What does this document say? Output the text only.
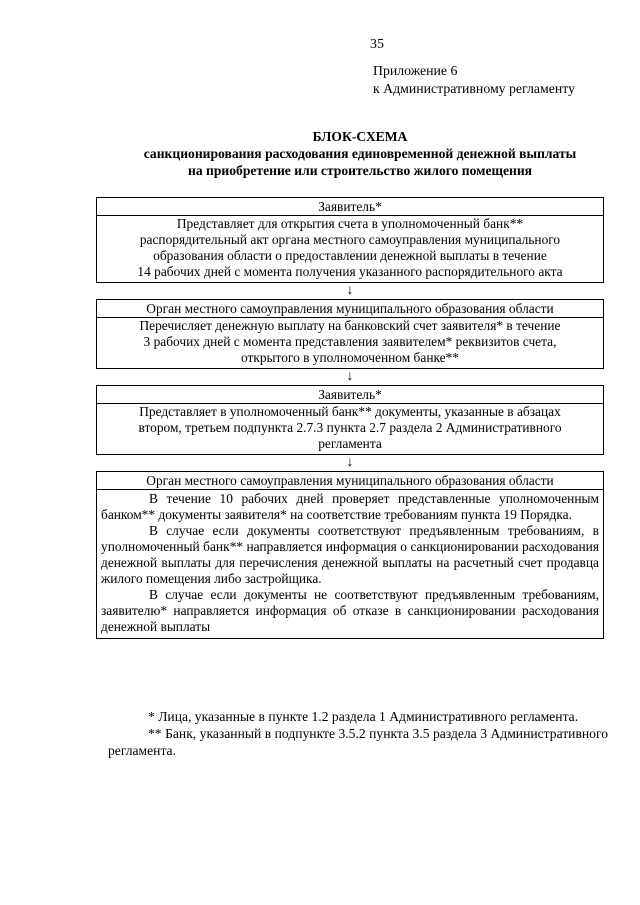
35
Приложение 6
к Административному регламенту
БЛОК-СХЕМА
санкционирования расходования единовременной денежной выплаты
на приобретение или строительство жилого помещения
Заявитель*
Представляет для открытия счета в уполномоченный банк**
распорядительный акт органа местного самоуправления муниципального
образования области о предоставлении денежной выплаты в течение
14 рабочих дней с момента получения указанного распорядительного акта
↓
Орган местного самоуправления муниципального образования области
Перечисляет денежную выплату на банковский счет заявителя* в течение
3 рабочих дней с момента представления заявителем* реквизитов счета,
открытого в уполномоченном банке**
↓
Заявитель*
Представляет в уполномоченный банк** документы, указанные в абзацах
втором, третьем подпункта 2.7.3 пункта 2.7 раздела 2 Административного
регламента
↓
Орган местного самоуправления муниципального образования области

В течение 10 рабочих дней проверяет представленные уполномоченным банком** документы заявителя* на соответствие требованиям пункта 19 Порядка.

В случае если документы соответствуют предъявленным требованиям, в уполномоченный банк** направляется информация о санкционировании расходования денежной выплаты для перечисления денежной выплаты на расчетный счет продавца жилого помещения либо застройщика.

В случае если документы не соответствуют предъявленным требованиям, заявителю* направляется информация об отказе в санкционировании расходования денежной выплаты

* Лица, указанные в пункте 1.2 раздела 1 Административного регламента.

** Банк, указанный в подпункте 3.5.2 пункта 3.5 раздела 3 Административного регламента.
